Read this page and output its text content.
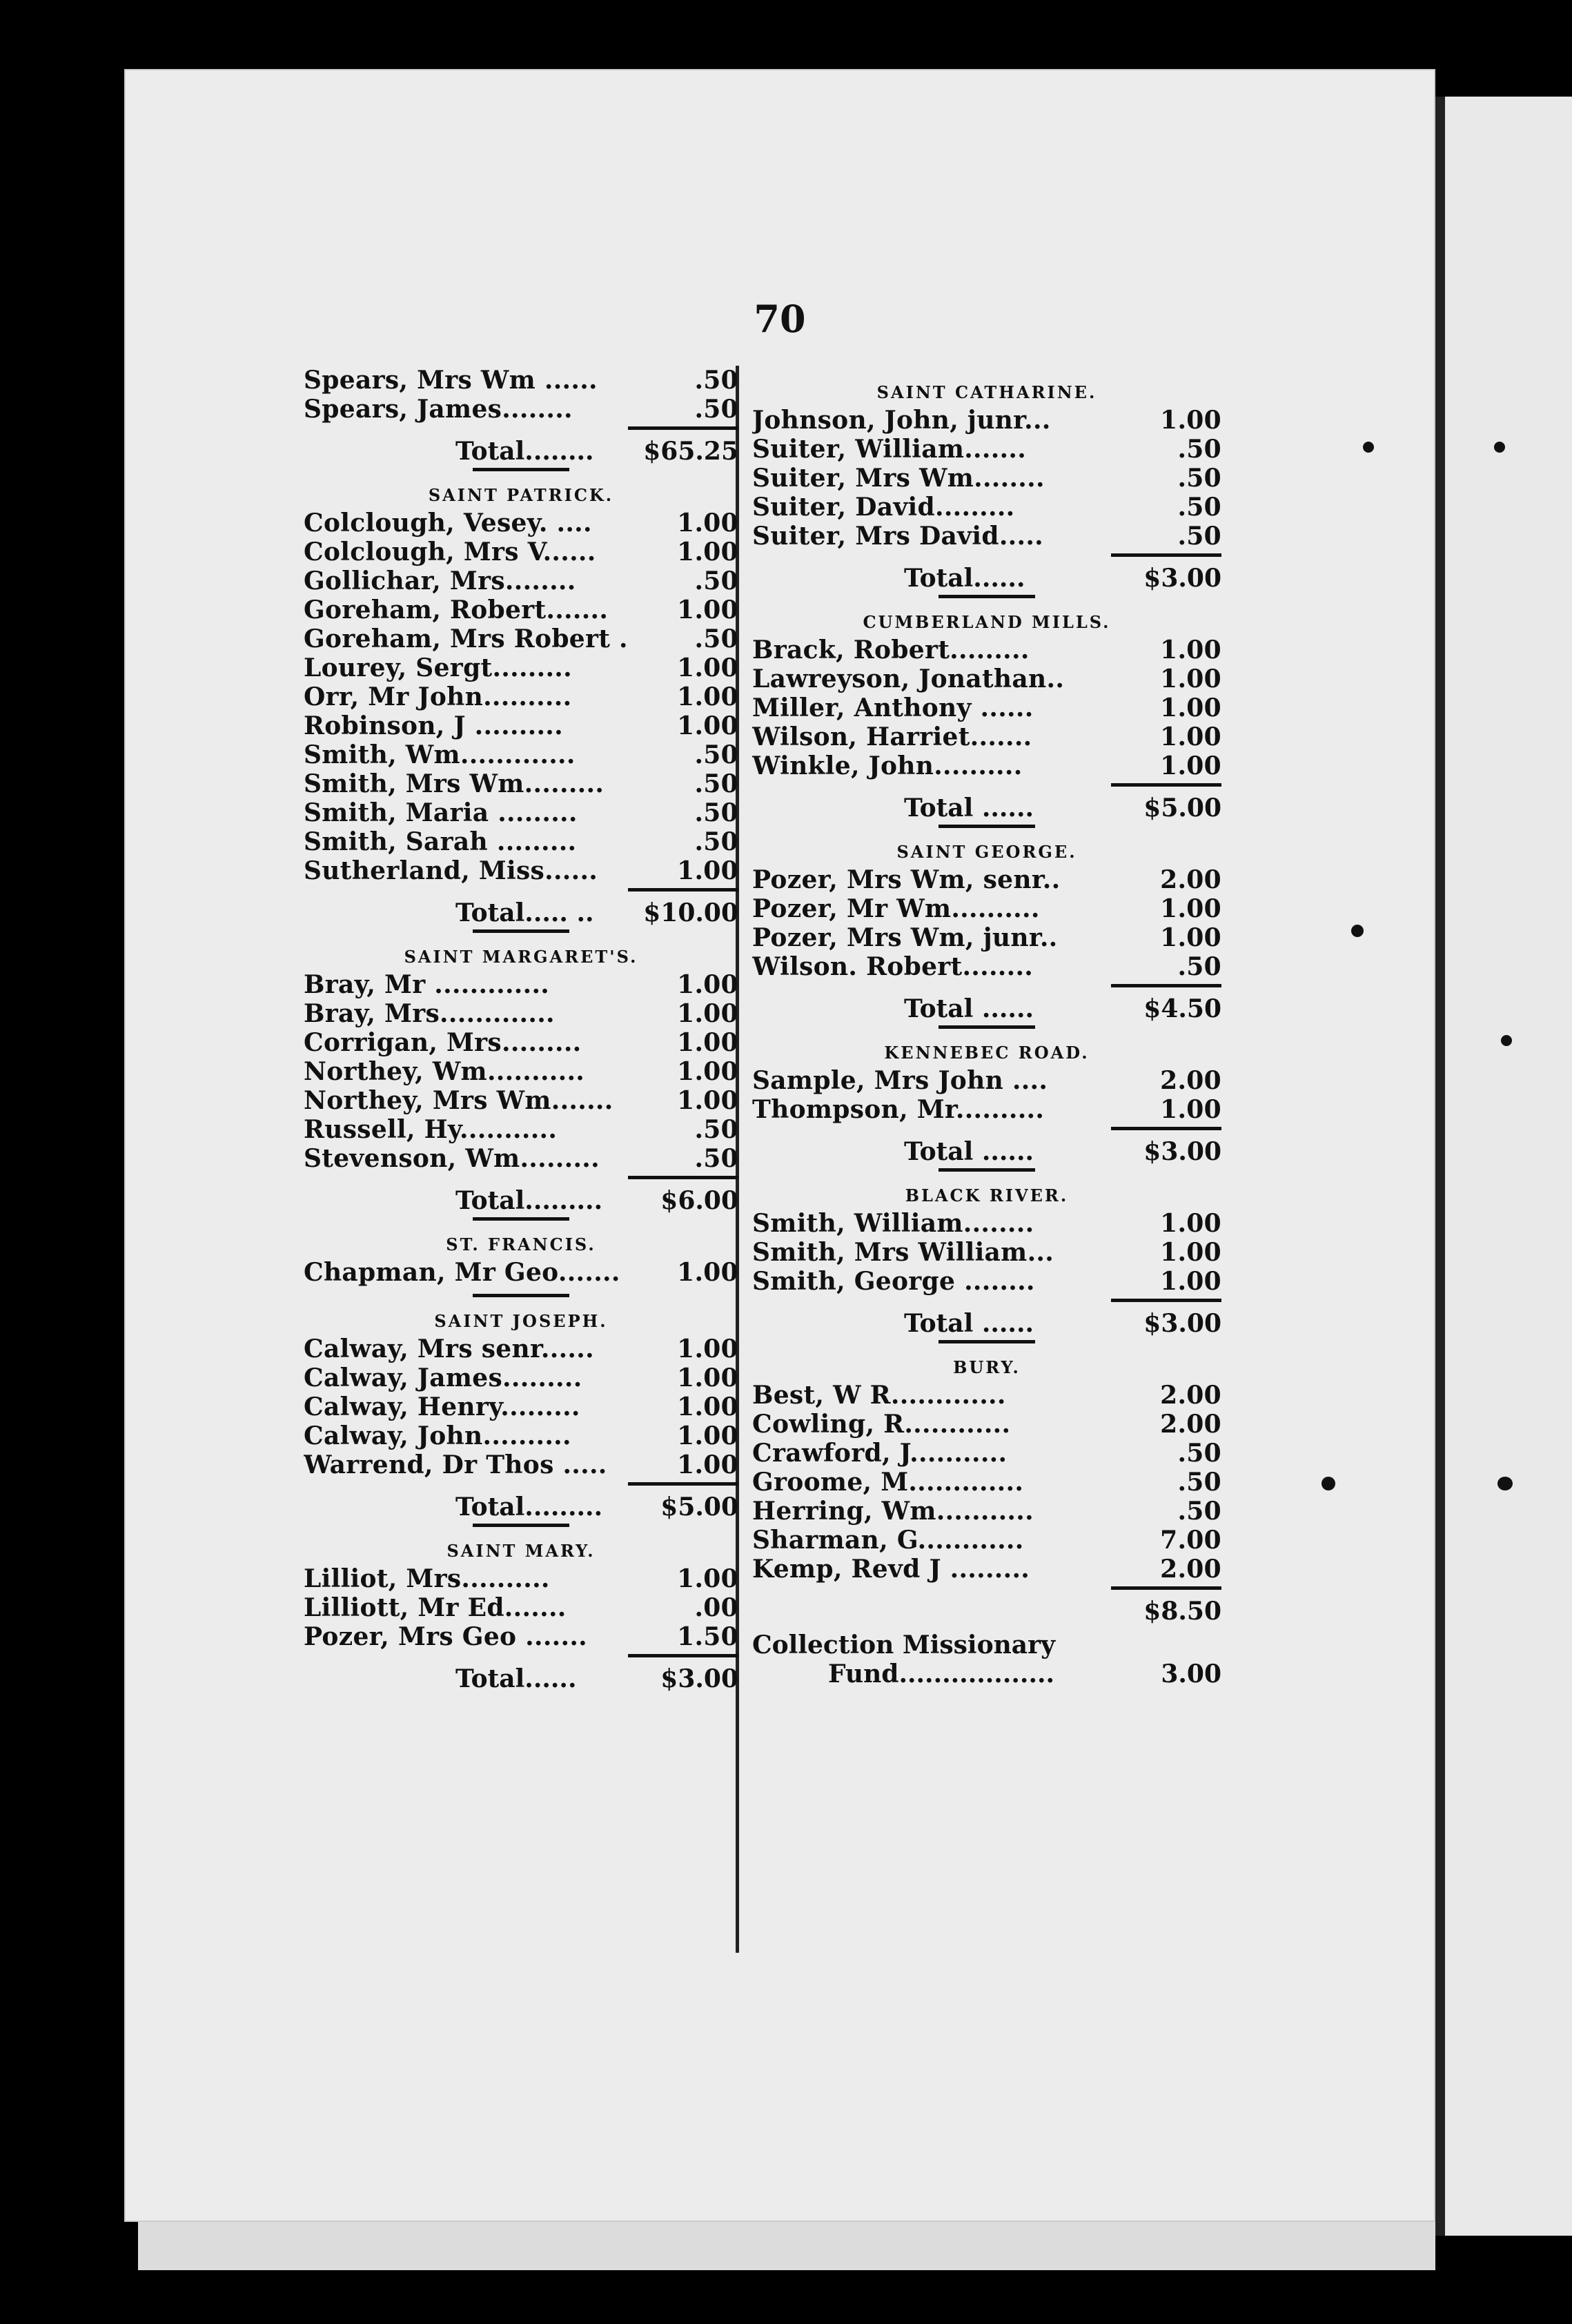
70
Spears, Mrs Wm ......	.50
Spears, James........	.50
Total........	$65.25
SAINT PATRICK.
Colclough, Vesey. ....	1.00
Colclough, Mrs V......	1.00
Gollichar, Mrs........	.50
Goreham, Robert.......	1.00
Goreham, Mrs Robert .	.50
Lourey, Sergt.........	1.00
Orr, Mr John..........	1.00
Robinson, J ..........	1.00
Smith, Wm.............	.50
Smith, Mrs Wm.........	.50
Smith, Maria .........	.50
Smith, Sarah .........	.50
Sutherland, Miss......	1.00
Total..... ..	$10.00
SAINT MARGARET'S.
Bray, Mr .............	1.00
Bray, Mrs.............	1.00
Corrigan, Mrs.........	1.00
Northey, Wm...........	1.00
Northey, Mrs Wm.......	1.00
Russell, Hy...........	.50
Stevenson, Wm.........	.50
Total.........	$6.00
ST. FRANCIS.
Chapman, Mr Geo.......	1.00
SAINT JOSEPH.
Calway, Mrs senr......	1.00
Calway, James.........	1.00
Calway, Henry.........	1.00
Calway, John..........	1.00
Warrend, Dr Thos .....	1.00
Total.........	$5.00
SAINT MARY.
Lilliot, Mrs..........	1.00
Lilliott, Mr Ed.......	.00
Pozer, Mrs Geo .......	1.50
Total......	$3.00
SAINT CATHARINE.
Johnson, John, junr...	1.00
Suiter, William.......	.50
Suiter, Mrs Wm........	.50
Suiter, David.........	.50
Suiter, Mrs David.....	.50
Total......	$3.00
CUMBERLAND MILLS.
Brack, Robert.........	1.00
Lawreyson, Jonathan..	1.00
Miller, Anthony ......	1.00
Wilson, Harriet.......	1.00
Winkle, John..........	1.00
Total ......	$5.00
SAINT GEORGE.
Pozer, Mrs Wm, senr..	2.00
Pozer, Mr Wm..........	1.00
Pozer, Mrs Wm, junr..	1.00
Wilson. Robert........	.50
Total ......	$4.50
KENNEBEC ROAD.
Sample, Mrs John ....	2.00
Thompson, Mr..........	1.00
Total ......	$3.00
BLACK RIVER.
Smith, William........	1.00
Smith, Mrs William...	1.00
Smith, George ........	1.00
Total ......	$3.00
BURY.
Best, W R.............	2.00
Cowling, R............	2.00
Crawford, J...........	.50
Groome, M.............	.50
Herring, Wm...........	.50
Sharman, G............	7.00
Kemp, Revd J .........	2.00
$8.50
Collection Missionary
Fund..................	3.00
